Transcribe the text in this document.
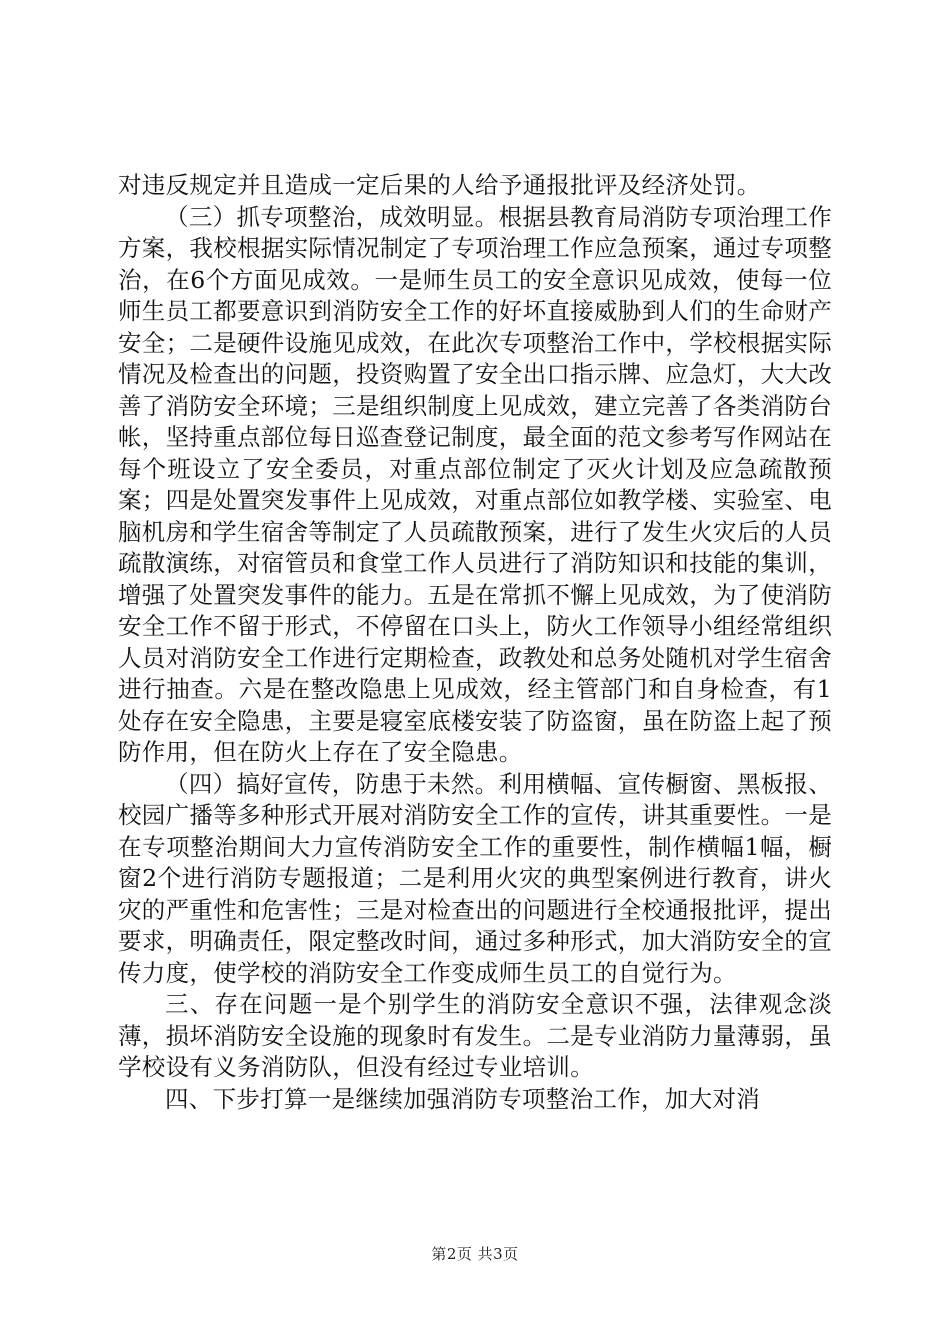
对违反规定并且造成一定后果的人给予通报批评及经济处罚。

（三）抓专项整治，成效明显。根据县教育局消防专项治理工作方案，我校根据实际情况制定了专项治理工作应急预案，通过专项整治，在6个方面见成效。一是师生员工的安全意识见成效，使每一位师生员工都要意识到消防安全工作的好坏直接威胁到人们的生命财产安全；二是硬件设施见成效，在此次专项整治工作中，学校根据实际情况及检查出的问题，投资购置了安全出口指示牌、应急灯，大大改善了消防安全环境；三是组织制度上见成效，建立完善了各类消防台帐，坚持重点部位每日巡查登记制度，最全面的范文参考写作网站在每个班设立了安全委员，对重点部位制定了灭火计划及应急疏散预案；四是处置突发事件上见成效，对重点部位如教学楼、实验室、电脑机房和学生宿舍等制定了人员疏散预案，进行了发生火灾后的人员疏散演练，对宿管员和食堂工作人员进行了消防知识和技能的集训，增强了处置突发事件的能力。五是在常抓不懈上见成效，为了使消防安全工作不留于形式，不停留在口头上，防火工作领导小组经常组织人员对消防安全工作进行定期检查，政教处和总务处随机对学生宿舍进行抽查。六是在整改隐患上见成效，经主管部门和自身检查，有1处存在安全隐患，主要是寝室底楼安装了防盗窗，虽在防盗上起了预防作用，但在防火上存在了安全隐患。

（四）搞好宣传，防患于未然。利用横幅、宣传橱窗、黑板报、校园广播等多种形式开展对消防安全工作的宣传，讲其重要性。一是在专项整治期间大力宣传消防安全工作的重要性，制作横幅1幅，橱窗2个进行消防专题报道；二是利用火灾的典型案例进行教育，讲火灾的严重性和危害性；三是对检查出的问题进行全校通报批评，提出要求，明确责任，限定整改时间，通过多种形式，加大消防安全的宣传力度，使学校的消防安全工作变成师生员工的自觉行为。

三、存在问题一是个别学生的消防安全意识不强，法律观念淡薄，损坏消防安全设施的现象时有发生。二是专业消防力量薄弱，虽学校设有义务消防队，但没有经过专业培训。

四、下步打算一是继续加强消防专项整治工作，加大对消

第2页 共3页
